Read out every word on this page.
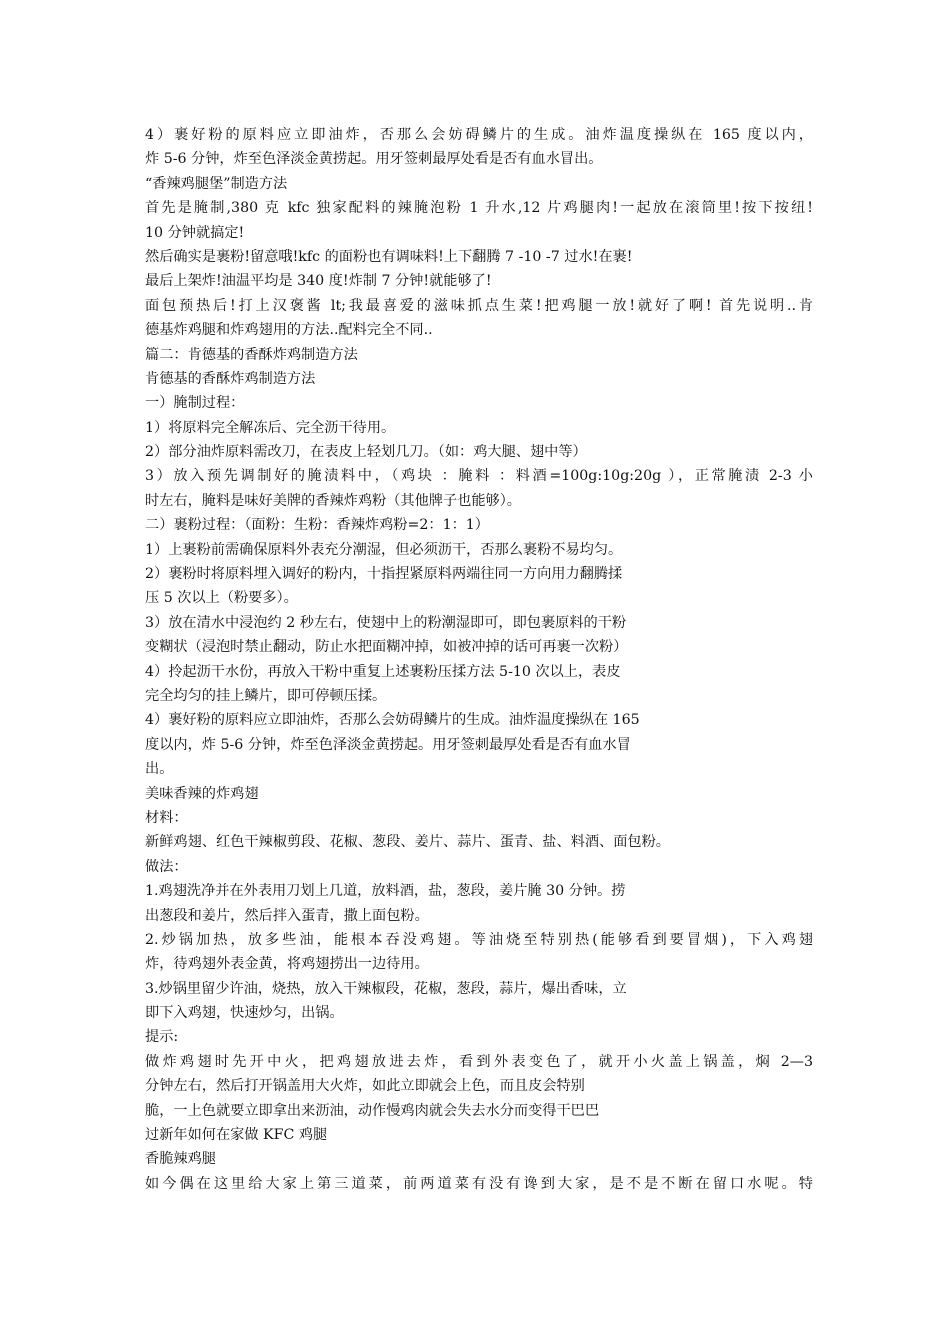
4）裹好粉的原料应立即油炸，否那么会妨碍鳞片的生成。油炸温度操纵在 165 度以内，
炸 5-6 分钟，炸至色泽淡金黄捞起。用牙签刺最厚处看是否有血水冒出。
“香辣鸡腿堡”制造方法
首先是腌制,380 克 kfc 独家配料的辣腌泡粉 1 升水,12 片鸡腿肉!一起放在滚筒里!按下按纽!
10 分钟就搞定!
然后确实是裹粉!留意哦!kfc 的面粉也有调味料!上下翻腾 7 -10 -7 过水!在裹!
最后上架炸!油温平均是 340 度!炸制 7 分钟!就能够了!
面包预热后!打上汉褒酱 lt;我最喜爱的滋味抓点生菜!把鸡腿一放!就好了啊! 首先说明..肯
德基炸鸡腿和炸鸡翅用的方法..配料完全不同..
篇二：肯德基的香酥炸鸡制造方法
肯德基的香酥炸鸡制造方法
一）腌制过程：
1）将原料完全解冻后、完全沥干待用。
2）部分油炸原料需改刀，在表皮上轻划几刀。（如：鸡大腿、翅中等）
3）放入预先调制好的腌渍料中，（鸡块 ：腌料 ：料酒=100g:10g:20g ），正常腌渍 2-3 小
时左右，腌料是味好美牌的香辣炸鸡粉（其他牌子也能够）。
二）裹粉过程：（面粉：生粉：香辣炸鸡粉=2：1：1）
1）上裹粉前需确保原料外表充分潮湿，但必须沥干，否那么裹粉不易均匀。
2）裹粉时将原料埋入调好的粉内，十指捏紧原料两端往同一方向用力翻腾揉
压 5 次以上（粉要多）。
3）放在清水中浸泡约 2 秒左右，使翅中上的粉潮湿即可，即包裹原料的干粉
变糊状（浸泡时禁止翻动，防止水把面糊冲掉，如被冲掉的话可再裹一次粉）
4）拎起沥干水份，再放入干粉中重复上述裹粉压揉方法 5-10 次以上，表皮
完全均匀的挂上鳞片，即可停顿压揉。
4）裹好粉的原料应立即油炸，否那么会妨碍鳞片的生成。油炸温度操纵在 165
度以内，炸 5-6 分钟，炸至色泽淡金黄捞起。用牙签刺最厚处看是否有血水冒
出。
美味香辣的炸鸡翅
材料：
新鲜鸡翅、红色干辣椒剪段、花椒、葱段、姜片、蒜片、蛋青、盐、料酒、面包粉。
做法：
1.鸡翅洗净并在外表用刀划上几道，放料酒，盐，葱段，姜片腌 30 分钟。捞
出葱段和姜片，然后拌入蛋青，撒上面包粉。
2.炒锅加热，放多些油，能根本吞没鸡翅。等油烧至特别热(能够看到要冒烟)，下入鸡翅
炸，待鸡翅外表金黄，将鸡翅捞出一边待用。
3.炒锅里留少许油，烧热，放入干辣椒段，花椒，葱段，蒜片，爆出香味，立
即下入鸡翅，快速炒匀，出锅。
提示:
做炸鸡翅时先开中火，把鸡翅放进去炸，看到外表变色了，就开小火盖上锅盖，焖 2—3
分钟左右，然后打开锅盖用大火炸，如此立即就会上色，而且皮会特别
脆，一上色就要立即拿出来沥油，动作慢鸡肉就会失去水分而变得干巴巴
过新年如何在家做 KFC 鸡腿
香脆辣鸡腿
如今偶在这里给大家上第三道菜，前两道菜有没有谗到大家，是不是不断在留口水呢。特
